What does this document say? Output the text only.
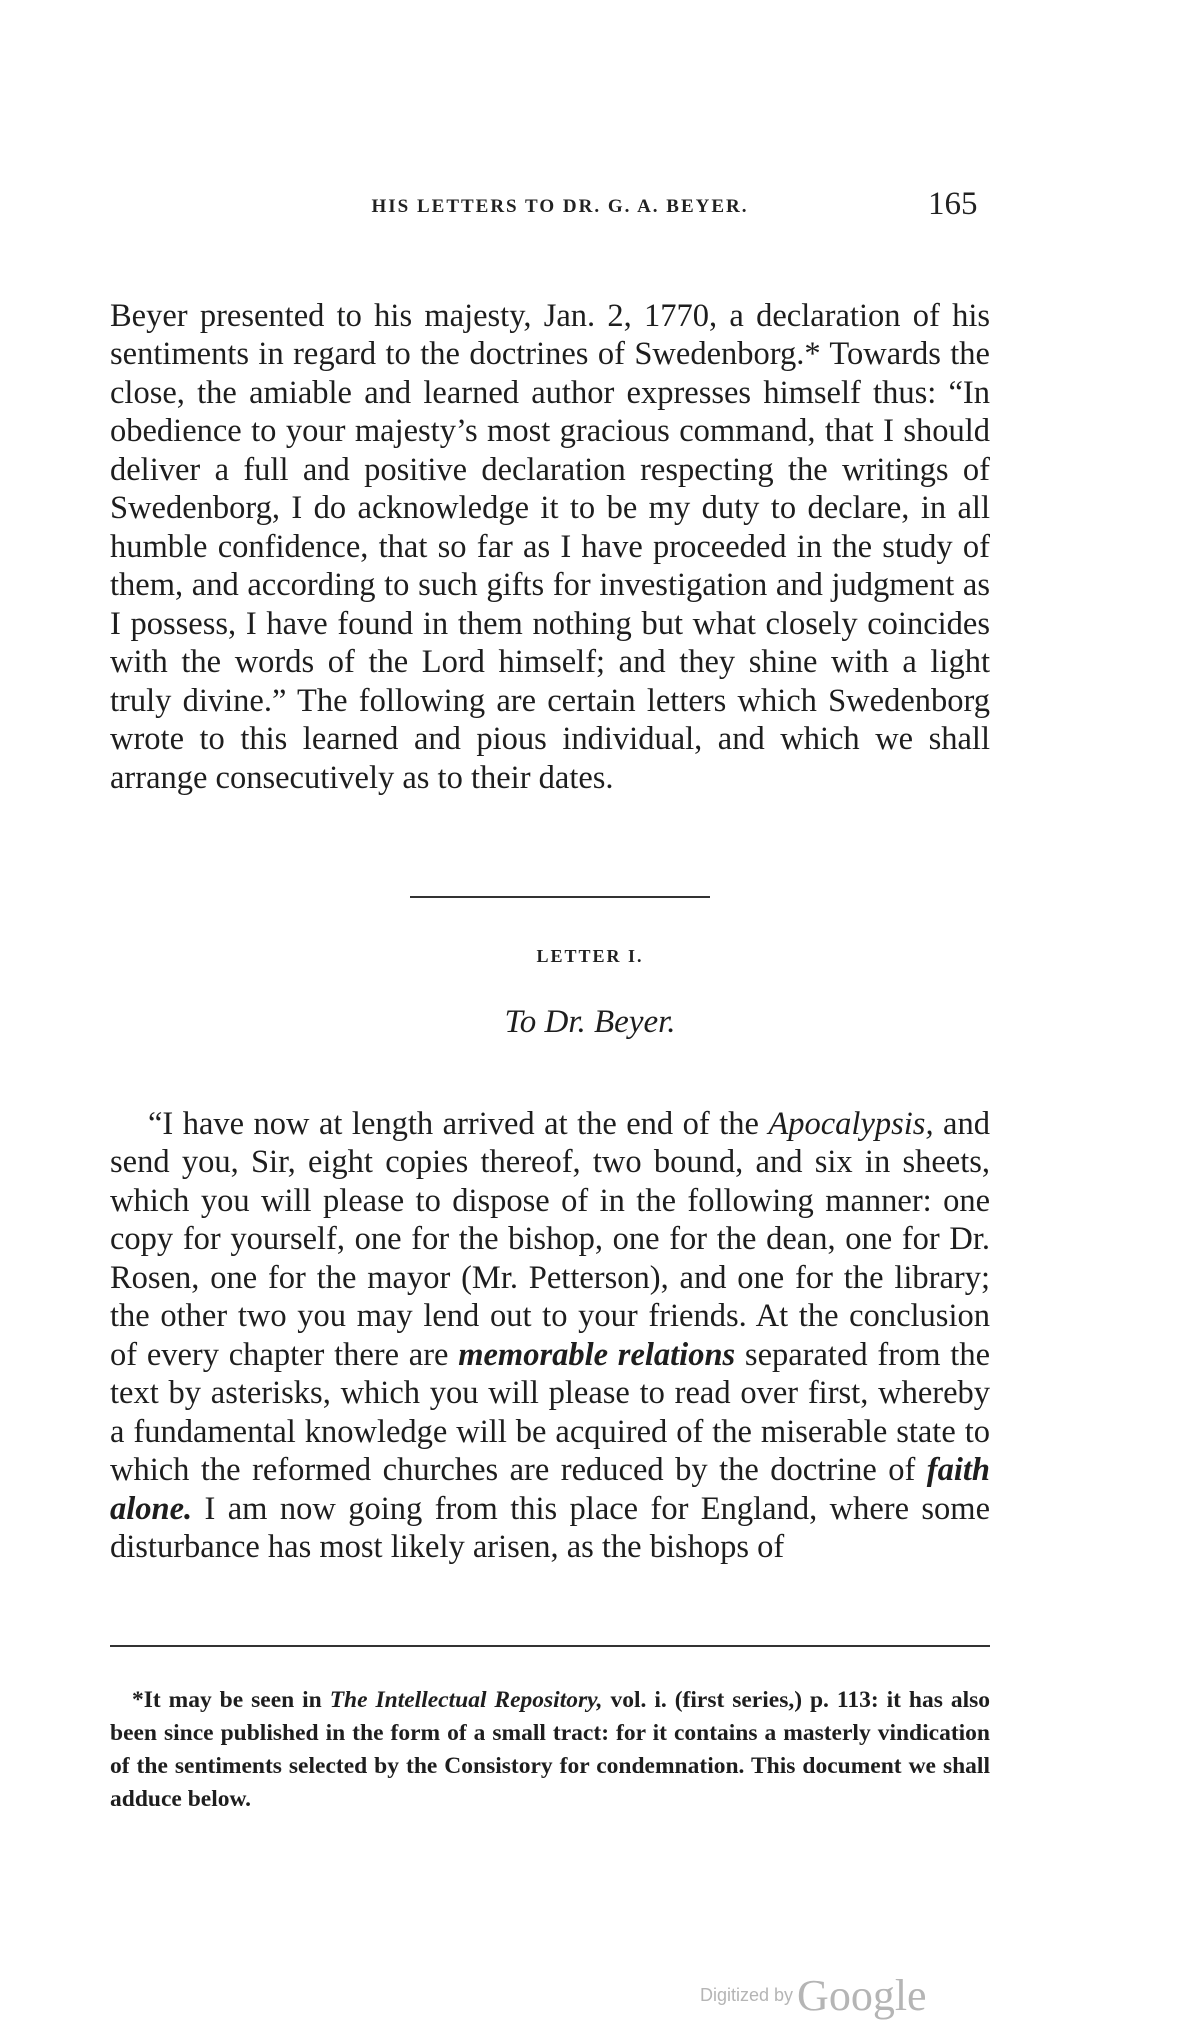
HIS LETTERS TO DR. G. A. BEYER.	165

Beyer presented to his majesty, Jan. 2, 1770, a declaration of his sentiments in regard to the doctrines of Swedenborg.* Towards the close, the amiable and learned author expresses himself thus: “In obedience to your majesty’s most gracious command, that I should deliver a full and positive declaration respecting the writings of Swedenborg, I do acknowledge it to be my duty to declare, in all humble confidence, that so far as I have proceeded in the study of them, and according to such gifts for investigation and judgment as I possess, I have found in them nothing but what closely coincides with the words of the Lord himself; and they shine with a light truly divine.” The following are certain letters which Swedenborg wrote to this learned and pious individual, and which we shall arrange consecutively as to their dates.

LETTER I.
To Dr. Beyer.

“I have now at length arrived at the end of the Apocalypsis, and send you, Sir, eight copies thereof, two bound, and six in sheets, which you will please to dispose of in the following manner: one copy for yourself, one for the bishop, one for the dean, one for Dr. Rosen, one for the mayor (Mr. Petterson), and one for the library; the other two you may lend out to your friends. At the conclusion of every chapter there are memorable relations separated from the text by asterisks, which you will please to read over first, whereby a fundamental knowledge will be acquired of the miserable state to which the reformed churches are reduced by the doctrine of faith alone. I am now going from this place for England, where some disturbance has most likely arisen, as the bishops of

*It may be seen in The Intellectual Repository, vol. i. (first series,) p. 113: it has also been since published in the form of a small tract: for it contains a masterly vindication of the sentiments selected by the Consistory for condemnation. This document we shall adduce below.

Digitized by Google
